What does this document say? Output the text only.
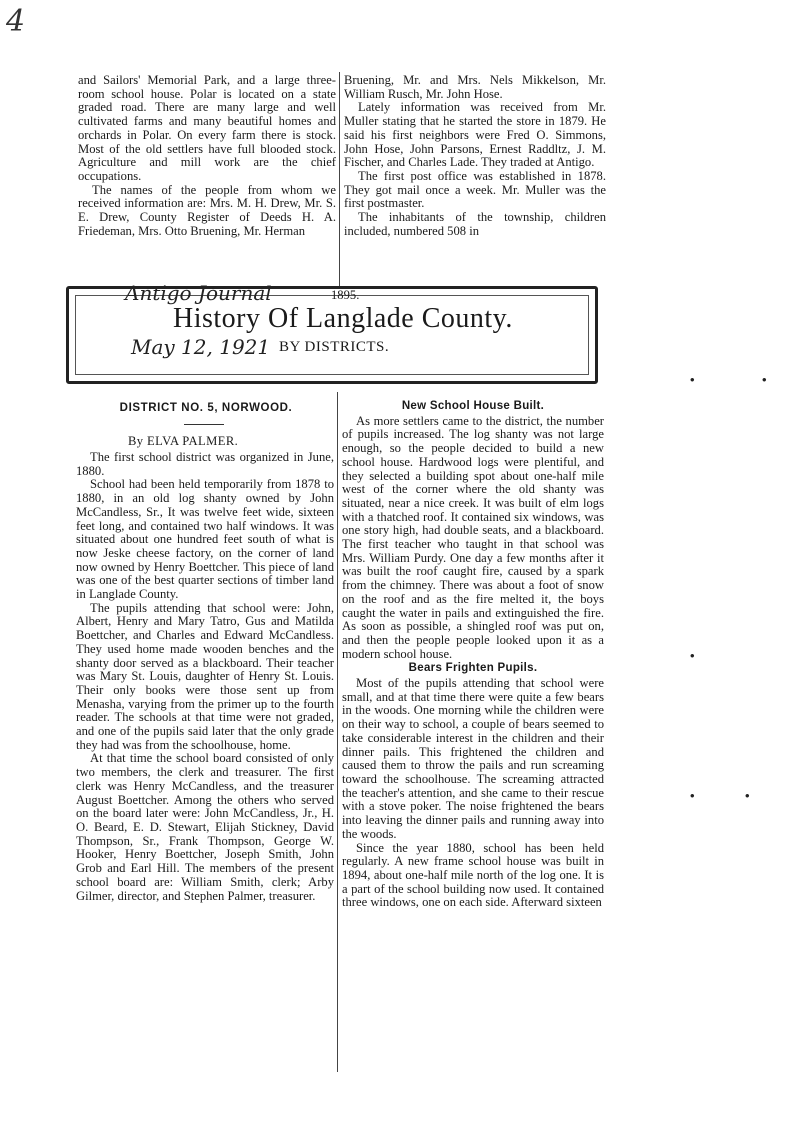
4

and Sailors' Memorial Park, and a large three-room school house. Polar is located on a state graded road. There are many large and well cultivated farms and many beautiful homes and orchards in Polar. On every farm there is stock. Most of the old settlers have full blooded stock. Agriculture and mill work are the chief occupations.

The names of the people from whom we received information are: Mrs. M. H. Drew, Mr. S. E. Drew, County Register of Deeds H. A. Friedeman, Mrs. Otto Bruening, Mr. Herman

Bruening, Mr. and Mrs. Nels Mikkelson, Mr. William Rusch, Mr. John Hose.

Lately information was received from Mr. Muller stating that he started the store in 1879. He said his first neighbors were Fred O. Simmons, John Hose, John Parsons, Ernest Raddltz, J. M. Fischer, and Charles Lade. They traded at Antigo.

The first post office was established in 1878. They got mail once a week. Mr. Muller was the first postmaster.

The inhabitants of the township, children included, numbered 508 in

Antigo Journal
History Of Langlade County.
May 12, 1921 BY DISTRICTS.
1895.
DISTRICT NO. 5, NORWOOD.
By ELVA PALMER.

The first school district was organized in June, 1880.

School had been held temporarily from 1878 to 1880, in an old log shanty owned by John McCandless, Sr., It was twelve feet wide, sixteen feet long, and contained two half windows. It was situated about one hundred feet south of what is now Jeske cheese factory, on the corner of land now owned by Henry Boettcher. This piece of land was one of the best quarter sections of timber land in Langlade County.

The pupils attending that school were: John, Albert, Henry and Mary Tatro, Gus and Matilda Boettcher, and Charles and Edward McCandless. They used home made wooden benches and the shanty door served as a blackboard. Their teacher was Mary St. Louis, daughter of Henry St. Louis. Their only books were those sent up from Menasha, varying from the primer up to the fourth reader. The schools at that time were not graded, and one of the pupils said later that the only grade they had was from the schoolhouse, home.

At that time the school board consisted of only two members, the clerk and treasurer. The first clerk was Henry McCandless, and the treasurer August Boettcher. Among the others who served on the board later were: John McCandless, Jr., H. O. Beard, E. D. Stewart, Elijah Stickney, David Thompson, Sr., Frank Thompson, George W. Hooker, Henry Boettcher, Joseph Smith, John Grob and Earl Hill. The members of the present school board are: William Smith, clerk; Arby Gilmer, director, and Stephen Palmer, treasurer.

New School House Built.

As more settlers came to the district, the number of pupils increased. The log shanty was not large enough, so the people decided to build a new school house. Hardwood logs were plentiful, and they selected a building spot about one-half mile west of the corner where the old shanty was situated, near a nice creek. It was built of elm logs with a thatched roof. It contained six windows, was one story high, had double seats, and a blackboard. The first teacher who taught in that school was Mrs. William Purdy. One day a few months after it was built the roof caught fire, caused by a spark from the chimney. There was about a foot of snow on the roof and as the fire melted it, the boys caught the water in pails and extinguished the fire. As soon as possible, a shingled roof was put on, and then the people people looked upon it as a modern school house.

Bears Frighten Pupils.

Most of the pupils attending that school were small, and at that time there were quite a few bears in the woods. One morning while the children were on their way to school, a couple of bears seemed to take considerable interest in the children and their dinner pails. This frightened the children and caused them to throw the pails and run screaming toward the schoolhouse. The screaming attracted the teacher's attention, and she came to their rescue with a stove poker. The noise frightened the bears into leaving the dinner pails and running away into the woods.

Since the year 1880, school has been held regularly. A new frame school house was built in 1894, about one-half mile north of the log one. It is a part of the school building now used. It contained three windows, one on each side. Afterward sixteen

•	•
•
•	•
